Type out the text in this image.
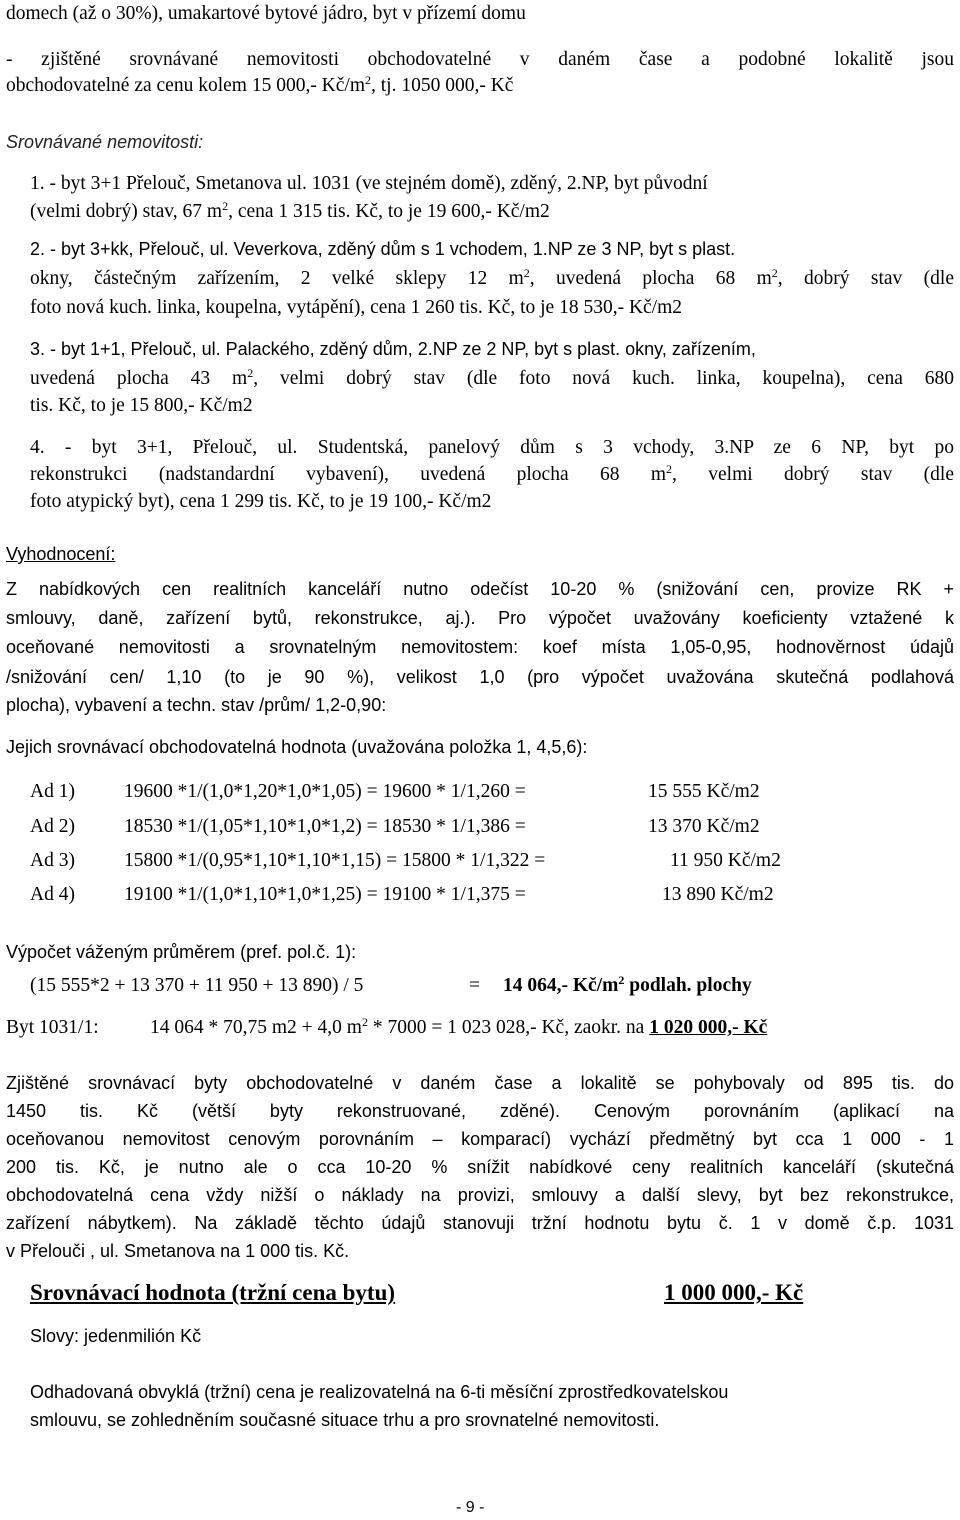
domech (až o 30%), umakartové bytové jádro, byt v přízemí domu
- zjištěné srovnávané nemovitosti obchodovatelné v daném čase a podobné lokalitě jsou
obchodovatelné za cenu kolem 15 000,- $Kč/m^2$, tj. 1050 000,- Kč
Srovnávané nemovitosti:
1. - byt 3+1 Přelouč, Smetanova ul. 1031 (ve stejném domě), zděný, 2.NP, byt původní
(velmi dobrý) stav, 67 $m^2$, cena 1 315 tis. Kč, to je 19 600,- Kč/m2
2. - byt 3+kk, Přelouč, ul. Veverkova, zděný dům s 1 vchodem, 1.NP ze 3 NP, byt s plast.
okny, částečným zařízením, 2 velké sklepy 12 $m^2$, uvedená plocha 68 $m^2$, dobrý stav (dle
foto nová kuch. linka, koupelna, vytápění), cena 1 260 tis. Kč, to je 18 530,- Kč/m2
3. - byt 1+1, Přelouč, ul. Palackého, zděný dům, 2.NP ze 2 NP, byt s plast. okny, zařízením,
uvedená plocha 43 $m^2$, velmi dobrý stav (dle foto nová kuch. linka, koupelna), cena 680
tis. Kč, to je 15 800,- Kč/m2
4. - byt 3+1, Přelouč, ul. Studentská, panelový dům s 3 vchody, 3.NP ze 6 NP, byt po
rekonstrukci (nadstandardní vybavení), uvedená plocha 68 $m^2$, velmi dobrý stav (dle
foto atypický byt), cena 1 299 tis. Kč, to je 19 100,- Kč/m2
Vyhodnocení:
Z nabídkových cen realitních kanceláří nutno odečíst 10-20 % (snižování cen, provize RK +
smlouvy, daně, zařízení bytů, rekonstrukce, aj.). Pro výpočet uvažovány koeficienty vztažené k
oceňované nemovitosti a srovnatelným nemovitostem: koef místa 1,05-0,95, hodnověrnost údajů
/snižování cen/ 1,10 (to je 90 %), velikost 1,0 (pro výpočet uvažována skutečná podlahová
plocha), vybavení a techn. stav /prům/ 1,2-0,90:
Jejich srovnávací obchodovatelná hodnota (uvažována položka 1, 4,5,6):
Ad 1)	19600 *1/(1,0*1,20*1,0*1,05) = 19600 * 1/1,260 =	15 555 Kč/m2
Ad 2)	18530 *1/(1,05*1,10*1,0*1,2) = 18530 * 1/1,386 =	13 370 Kč/m2
Ad 3)	15800 *1/(0,95*1,10*1,10*1,15) = 15800 * 1/1,322 =	11 950 Kč/m2
Ad 4)	19100 *1/(1,0*1,10*1,0*1,25) = 19100 * 1/1,375 =	13 890 Kč/m2
Výpočet váženým průměrem (pref. pol.č. 1):
(15 555*2 + 13 370 + 11 950 + 13 890) / 5	= 14 064,- $Kč/m^2$ podlah. plochy
Byt 1031/1:	14 064 * 70,75 m2 + 4,0 $m^2 * 7000 = 1$ 023 028,- Kč, zaokr. na 1 020 000,- Kč
Zjištěné srovnávací byty obchodovatelné v daném čase a lokalitě se pohybovaly od 895 tis. do
1450 tis. Kč (větší byty rekonstruované, zděné). Cenovým porovnáním (aplikací na
oceňovanou nemovitost cenovým porovnáním – komparací) vychází předmětný byt cca 1 000 - 1
200 tis. Kč, je nutno ale o cca 10-20 % snížit nabídkové ceny realitních kanceláří (skutečná
obchodovatelná cena vždy nižší o náklady na provizi, smlouvy a další slevy, byt bez rekonstrukce,
zařízení nábytkem). Na základě těchto údajů stanovuji tržní hodnotu bytu č. 1 v domě č.p. 1031
v Přelouči , ul. Smetanova na 1 000 tis. Kč.
Srovnávací hodnota (tržní cena bytu)	1 000 000,- Kč
Slovy: jedenmilión Kč
Odhadovaná obvyklá (tržní) cena je realizovatelná na 6-ti měsíční zprostředkovatelskou
smlouvu, se zohledněním současné situace trhu a pro srovnatelné nemovitosti.
- 9 -
